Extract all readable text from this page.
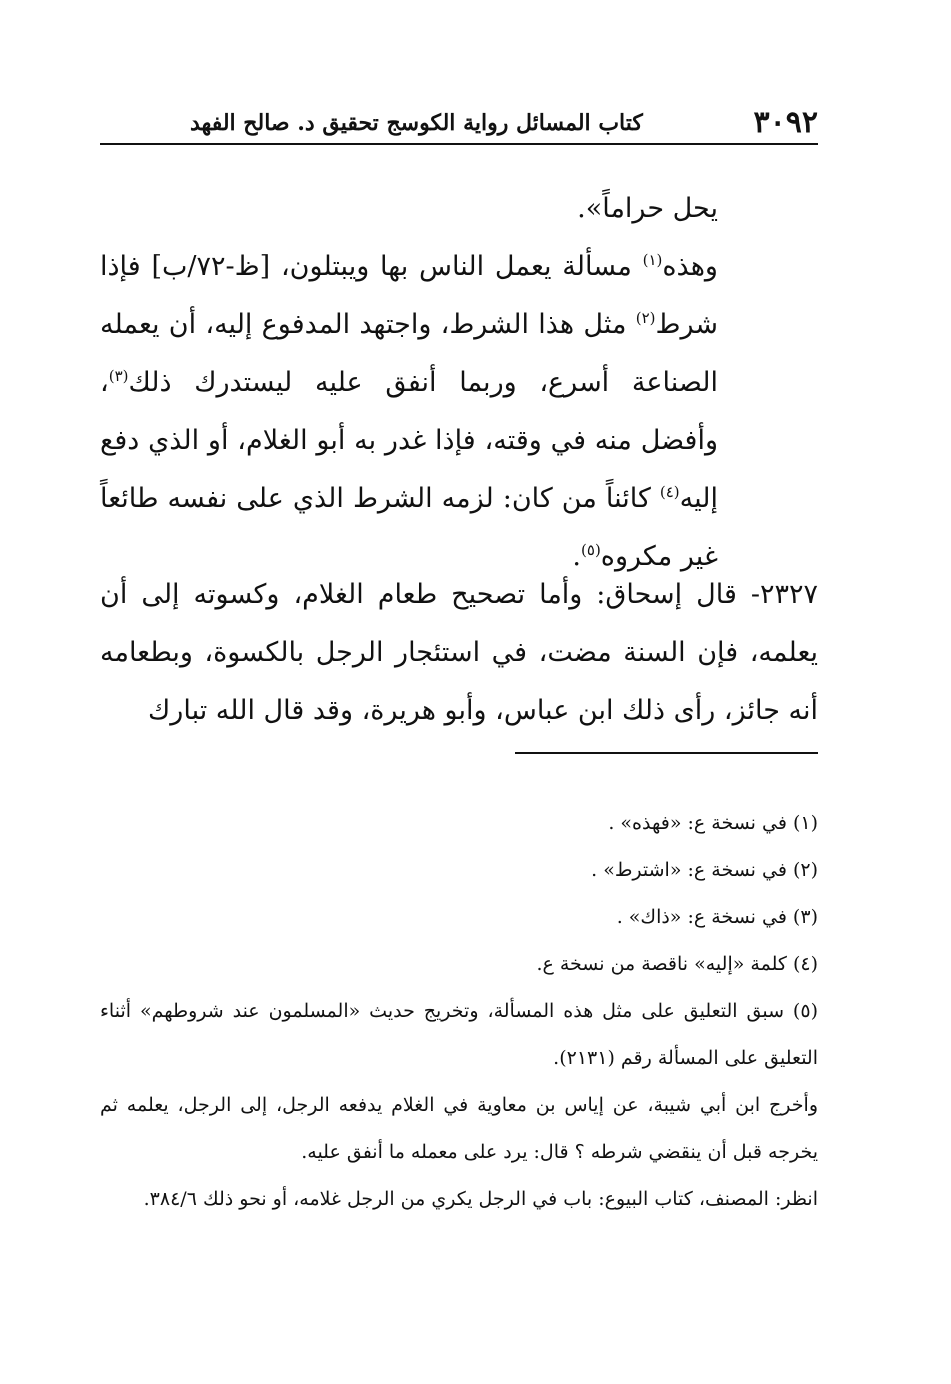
٣٠٩٢
كتاب المسائل رواية الكوسج تحقيق د. صالح الفهد

يحل حراماً».

وهذه$^{(١)}$ مسألة يعمل الناس بها ويبتلون، [ظ-٧٢/ب] فإذا شرط$^{(٢)}$ مثل هذا الشرط، واجتهد المدفوع إليه، أن يعمله الصناعة أسرع، وربما أنفق عليه ليستدرك ذلك$^{(٣)}$، وأفضل منه في وقته، فإذا غدر به أبو الغلام، أو الذي دفع إليه$^{(٤)}$ كائناً من كان: لزمه الشرط الذي على نفسه طائعاً غير مكروه$^{(٥)}$.

٢٣٢٧- قال إسحاق: وأما تصحيح طعام الغلام، وكسوته إلى أن يعلمه، فإن السنة مضت، في استئجار الرجل بالكسوة، وبطعامه أنه جائز، رأى ذلك ابن عباس، وأبو هريرة، وقد قال الله تبارك

(١) في نسخة ع: «فهذه» .

(٢) في نسخة ع: «اشترط» .

(٣) في نسخة ع: «ذاك» .

(٤) كلمة «إليه» ناقصة من نسخة ع.

(٥) سبق التعليق على مثل هذه المسألة، وتخريج حديث «المسلمون عند شروطهم» أثناء التعليق على المسألة رقم (٢١٣١).

وأخرج ابن أبي شيبة، عن إياس بن معاوية في الغلام يدفعه الرجل، إلى الرجل، يعلمه ثم يخرجه قبل أن ينقضي شرطه ؟ قال: يرد على معمله ما أنفق عليه.

انظر: المصنف، كتاب البيوع: باب في الرجل يكري من الرجل غلامه، أو نحو ذلك ٣٨٤/٦.
